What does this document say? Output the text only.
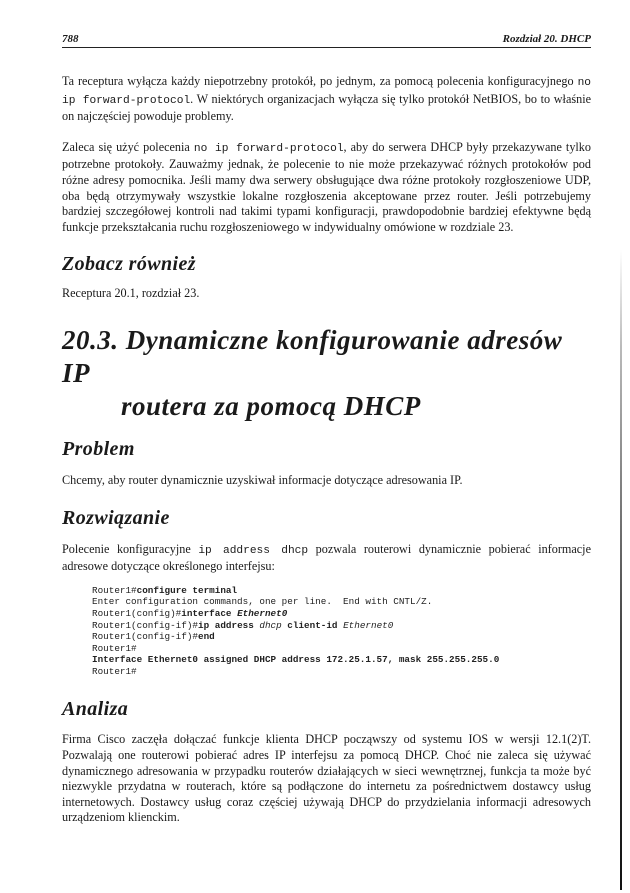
788	Rozdział 20. DHCP

Ta receptura wyłącza każdy niepotrzebny protokół, po jednym, za pomocą polecenia konfiguracyjnego no ip forward-protocol. W niektórych organizacjach wyłącza się tylko protokół NetBIOS, bo to właśnie on najczęściej powoduje problemy.

Zaleca się użyć polecenia no ip forward-protocol, aby do serwera DHCP były przekazywane tylko potrzebne protokoły. Zauważmy jednak, że polecenie to nie może przekazywać różnych protokołów pod różne adresy pomocnika. Jeśli mamy dwa serwery obsługujące dwa różne protokoły rozgłoszeniowe UDP, oba będą otrzymywały wszystkie lokalne rozgłoszenia akceptowane przez router. Jeśli potrzebujemy bardziej szczegółowej kontroli nad takimi typami konfiguracji, prawdopodobnie bardziej efektywne będą funkcje przekształcania ruchu rozgłoszeniowego w indywidualny omówione w rozdziale 23.

Zobacz również

Receptura 20.1, rozdział 23.

20.3. Dynamiczne konfigurowanie adresów IP
routera za pomocą DHCP
Problem

Chcemy, aby router dynamicznie uzyskiwał informacje dotyczące adresowania IP.

Rozwiązanie

Polecenie konfiguracyjne ip address dhcp pozwala routerowi dynamicznie pobierać informacje adresowe dotyczące określonego interfejsu:

Router1#configure terminal
Enter configuration commands, one per line.  End with CNTL/Z.
Router1(config)#interface Ethernet0
Router1(config-if)#ip address dhcp client-id Ethernet0
Router1(config-if)#end
Router1#
Interface Ethernet0 assigned DHCP address 172.25.1.57, mask 255.255.255.0
Router1#
Analiza

Firma Cisco zaczęła dołączać funkcje klienta DHCP począwszy od systemu IOS w wersji 12.1(2)T. Pozwalają one routerowi pobierać adres IP interfejsu za pomocą DHCP. Choć nie zaleca się używać dynamicznego adresowania w przypadku routerów działających w sieci wewnętrznej, funkcja ta może być niezwykle przydatna w routerach, które są podłączone do internetu za pośrednictwem dostawcy usług internetowych. Dostawcy usług coraz częściej używają DHCP do przydzielania informacji adresowych urządzeniom klienckim.
